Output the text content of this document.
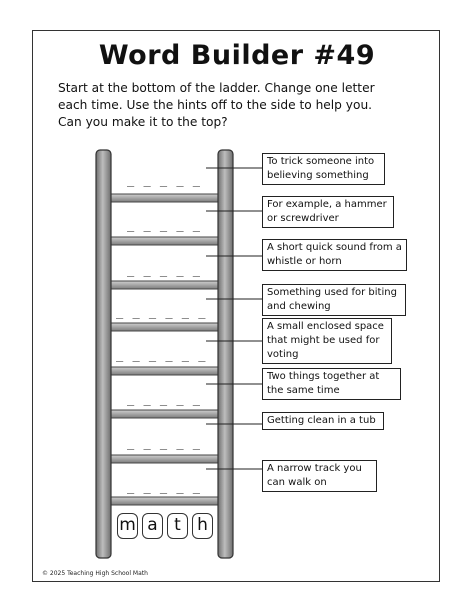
Word Builder #49
Start at the bottom of the ladder. Change one letter
each time. Use the hints off to the side to help you.
Can you make it to the top?
_ _ _ _ _
_ _ _ _ _
_ _ _ _ _
_ _ _ _ _ _
_ _ _ _ _ _
_ _ _ _ _
_ _ _ _ _
_ _ _ _ _
To trick someone into believing something
For example, a hammer or screwdriver
A short quick sound from a whistle or horn
Something used for biting and chewing
A small enclosed space that might be used for voting
Two things together at the same time
Getting clean in a tub
A narrow track you can walk on
m a t h
© 2025 Teaching High School Math
